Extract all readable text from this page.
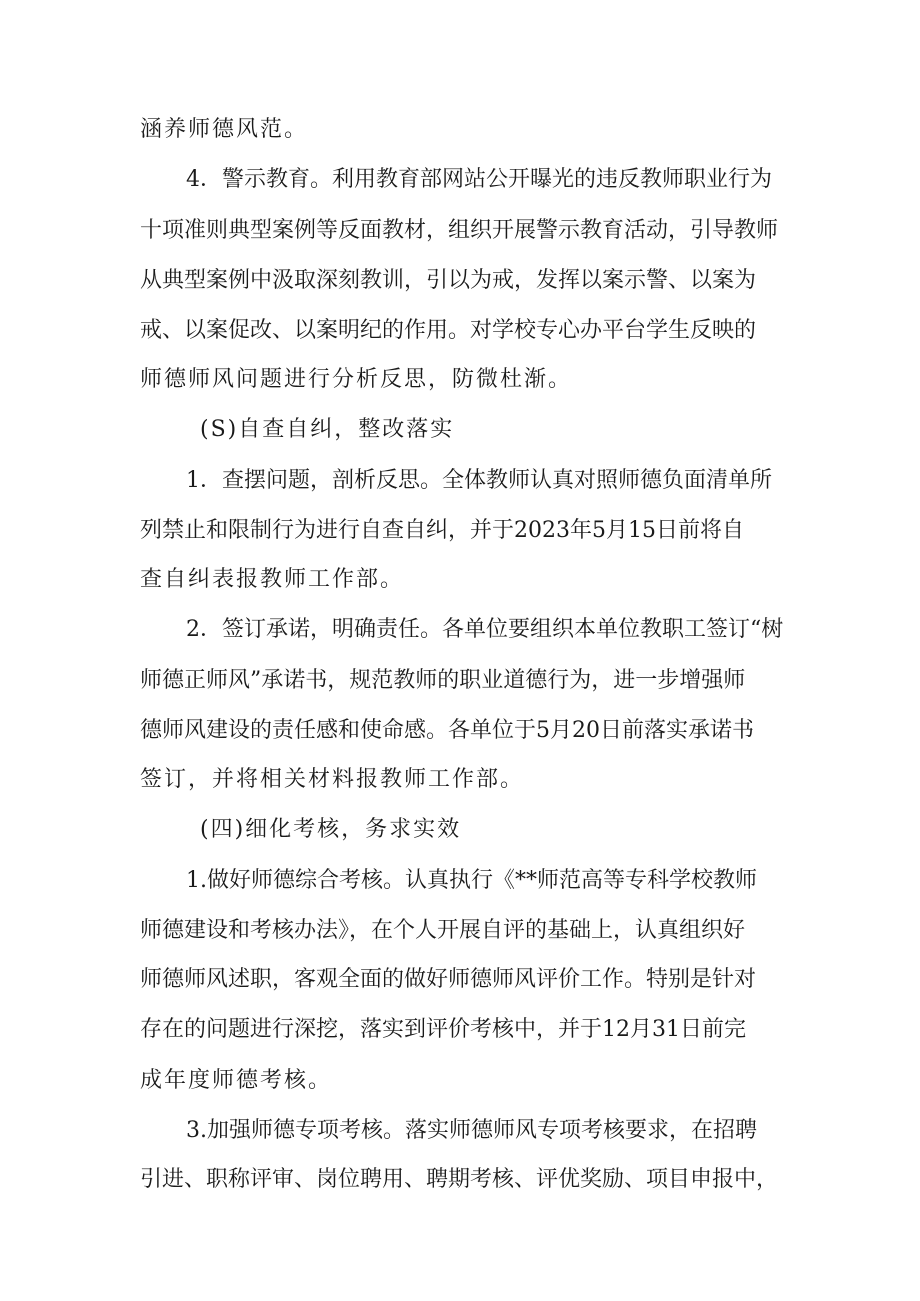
涵养师德风范。
4．警示教育。利用教育部网站公开曝光的违反教师职业行为
十项准则典型案例等反面教材，组织开展警示教育活动，引导教师
从典型案例中汲取深刻教训，引以为戒，发挥以案示警、以案为
戒、以案促改、以案明纪的作用。对学校专心办平台学生反映的
师德师风问题进行分析反思，防微杜渐。
(S)自查自纠，整改落实
1．查摆问题，剖析反思。全体教师认真对照师德负面清单所
列禁止和限制行为进行自查自纠，并于2023年5月15日前将自
查自纠表报教师工作部。
2．签订承诺，明确责任。各单位要组织本单位教职工签订“树
师德正师风”承诺书，规范教师的职业道德行为，进一步增强师
德师风建设的责任感和使命感。各单位于5月20日前落实承诺书
签订，并将相关材料报教师工作部。
(四)细化考核，务求实效
1.做好师德综合考核。认真执行《**师范高等专科学校教师
师德建设和考核办法》，在个人开展自评的基础上，认真组织好
师德师风述职，客观全面的做好师德师风评价工作。特别是针对
存在的问题进行深挖，落实到评价考核中，并于12月31日前完
成年度师德考核。
3.加强师德专项考核。落实师德师风专项考核要求，在招聘
引进、职称评审、岗位聘用、聘期考核、评优奖励、项目申报中，
